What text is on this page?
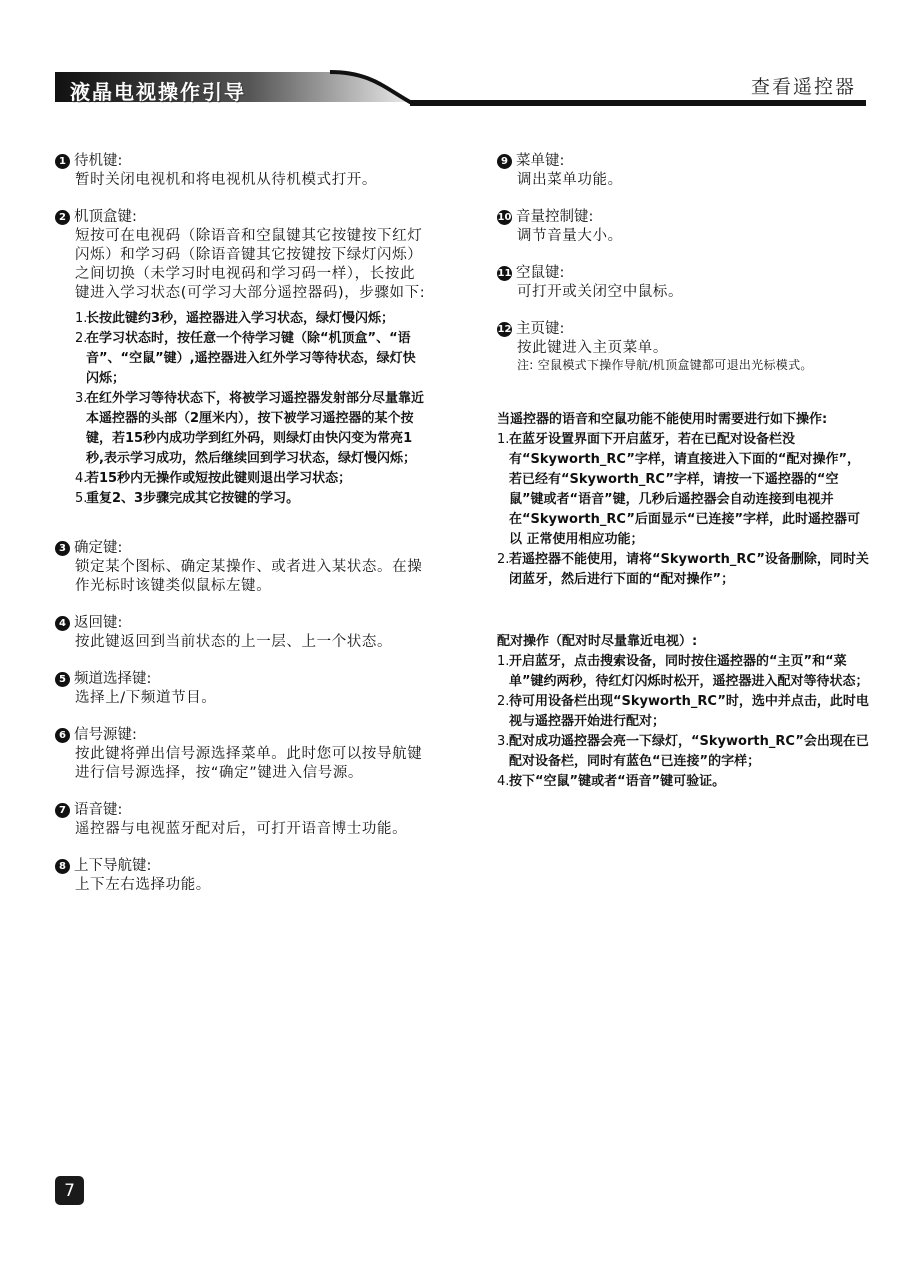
液晶电视操作引导	查看遥控器
1 待机键:
暂时关闭电视机和将电视机从待机模式打开。
2 机顶盒键:
短按可在电视码（除语音和空鼠键其它按键按下红灯闪烁）和学习码（除语音键其它按键按下绿灯闪烁）之间切换（未学习时电视码和学习码一样），长按此键进入学习状态(可学习大部分遥控器码)，步骤如下:
1.
长按此键约3秒，遥控器进入学习状态，绿灯慢闪烁；
2.
在学习状态时，按任意一个待学习键（除“机顶盒”、“语音”、“空鼠”键）,遥控器进入红外学习等待状态，绿灯快闪烁；
3.
在红外学习等待状态下，将被学习遥控器发射部分尽量靠近本遥控器的头部（2厘米内），按下被学习遥控器的某个按键，若15秒内成功学到红外码，则绿灯由快闪变为常亮1秒,表示学习成功，然后继续回到学习状态，绿灯慢闪烁；
4.
若15秒内无操作或短按此键则退出学习状态；
5.
重复2、3步骤完成其它按键的学习。
3 确定键:
锁定某个图标、确定某操作、或者进入某状态。在操作光标时该键类似鼠标左键。
4 返回键:
按此键返回到当前状态的上一层、上一个状态。
5 频道选择键:
选择上/下频道节目。
6 信号源键:
按此键将弹出信号源选择菜单。此时您可以按导航键进行信号源选择，按“确定”键进入信号源。
7 语音键:
遥控器与电视蓝牙配对后，可打开语音博士功能。
8 上下导航键:
上下左右选择功能。
9 菜单键:
调出菜单功能。
10 音量控制键:
调节音量大小。
11 空鼠键:
可打开或关闭空中鼠标。
12 主页键:
按此键进入主页菜单。
注: 空鼠模式下操作导航/机顶盒键都可退出光标模式。
当遥控器的语音和空鼠功能不能使用时需要进行如下操作:
1. 在蓝牙设置界面下开启蓝牙，若在已配对设备栏没有“Skyworth_RC”字样，请直接进入下面的“配对操作”，若已经有“Skyworth_RC”字样，请按一下遥控器的“空鼠”键或者“语音”键，几秒后遥控器会自动连接到电视并在“Skyworth_RC”后面显示“已连接”字样，此时遥控器可以 正常使用相应功能；
2. 若遥控器不能使用，请将“Skyworth_RC”设备删除，同时关闭蓝牙，然后进行下面的“配对操作”；
配对操作（配对时尽量靠近电视）:
1. 开启蓝牙，点击搜索设备，同时按住遥控器的“主页”和“菜单”键约两秒，待红灯闪烁时松开，遥控器进入配对等待状态；
2. 待可用设备栏出现“Skyworth_RC”时，选中并点击，此时电视与遥控器开始进行配对；
3. 配对成功遥控器会亮一下绿灯，“Skyworth_RC”会出现在已配对设备栏，同时有蓝色“已连接”的字样；
4. 按下“空鼠”键或者“语音”键可验证。
7
